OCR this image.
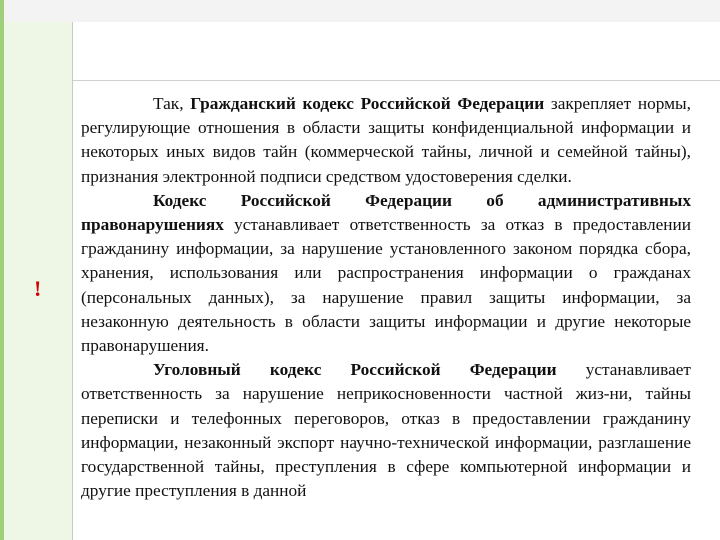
!

Так, Гражданский кодекс Российской Федерации закрепляет нормы, регулирующие отношения в области защиты конфиденциальной информации и некоторых иных видов тайн (коммерческой тайны, личной и семейной тайны), признания электронной подписи средством удостоверения сделки.

Кодекс Российской Федерации об административных правонарушениях устанавливает ответственность за отказ в предоставлении гражданину информации, за нарушение установленного законом порядка сбора, хранения, использования или распространения информации о гражданах (персональных данных), за нарушение правил защиты информации, за незаконную деятельность в области защиты информации и другие некоторые правонарушения.

Уголовный кодекс Российской Федерации устанавливает ответственность за нарушение неприкосновенности частной жиз-ни, тайны переписки и телефонных переговоров, отказ в предоставлении гражданину информации, незаконный экспорт научно-технической информации, разглашение государственной тайны, преступления в сфере компьютерной информации и другие преступления в данной
